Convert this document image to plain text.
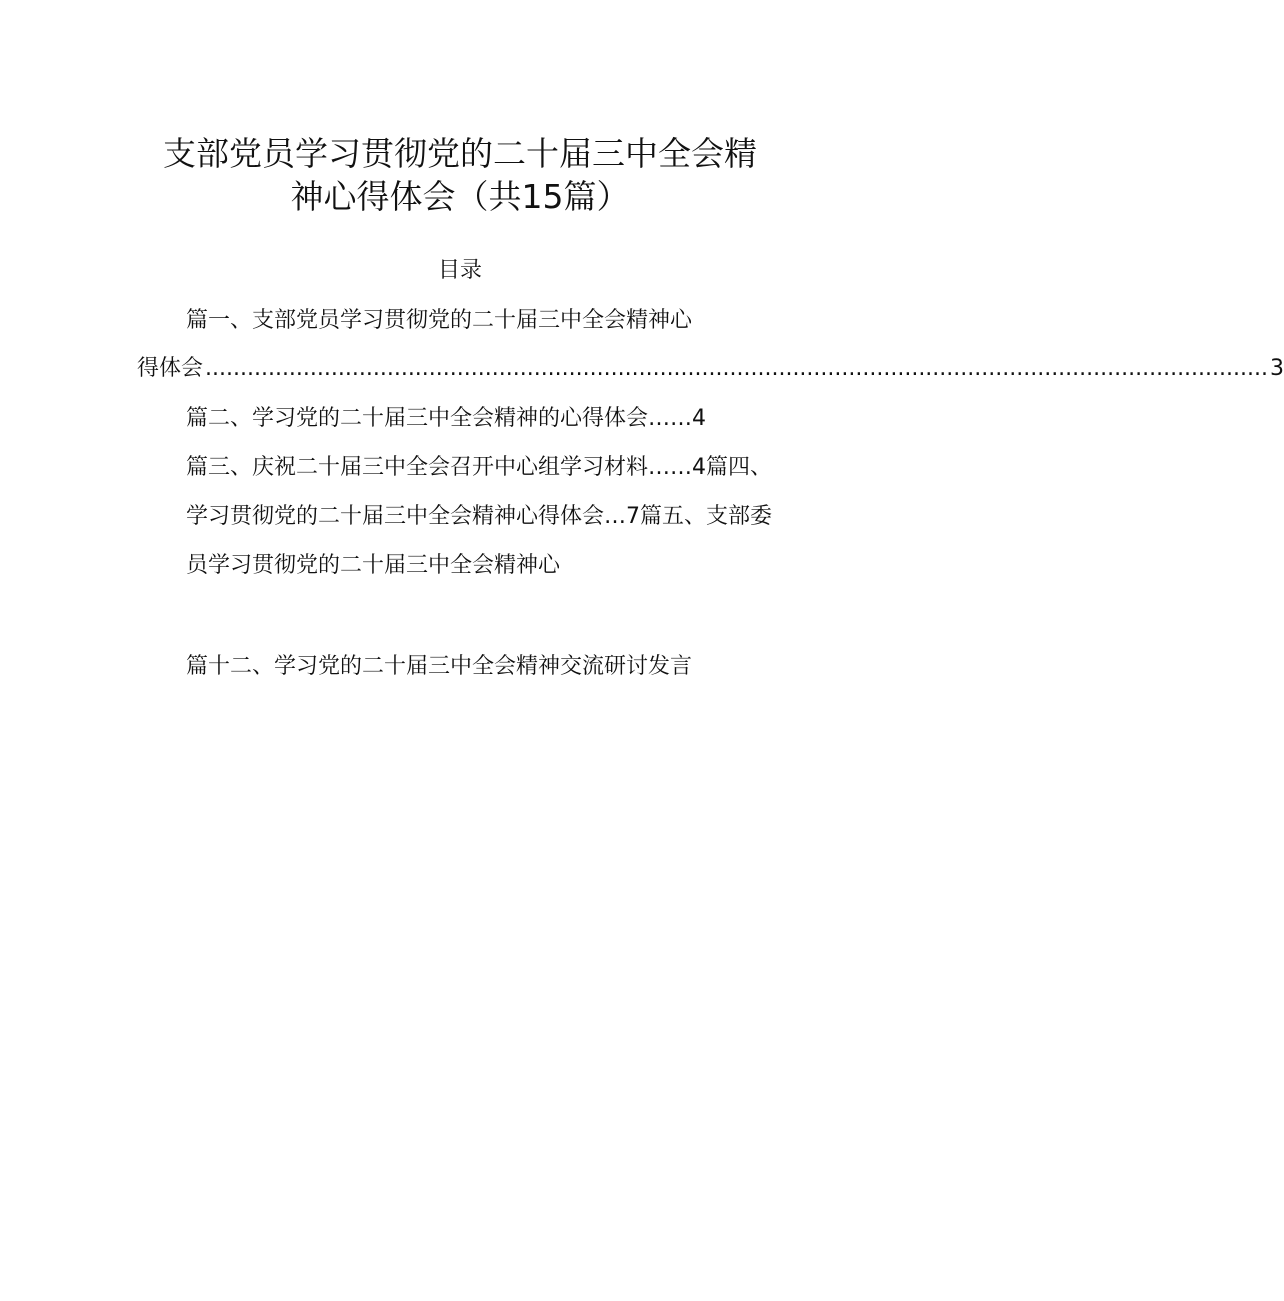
支部党员学习贯彻党的二十届三中全会精
神心得体会（共15篇）
目录
篇一、支部党员学习贯彻党的二十届三中全会精神心
得体会 ........................................................................................................................................................ 3
篇二、学习党的二十届三中全会精神的心得体会……4
篇三、庆祝二十届三中全会召开中心组学习材料……4篇四、
学习贯彻党的二十届三中全会精神心得体会…7篇五、支部委
员学习贯彻党的二十届三中全会精神心
篇十二、学习党的二十届三中全会精神交流研讨发言
